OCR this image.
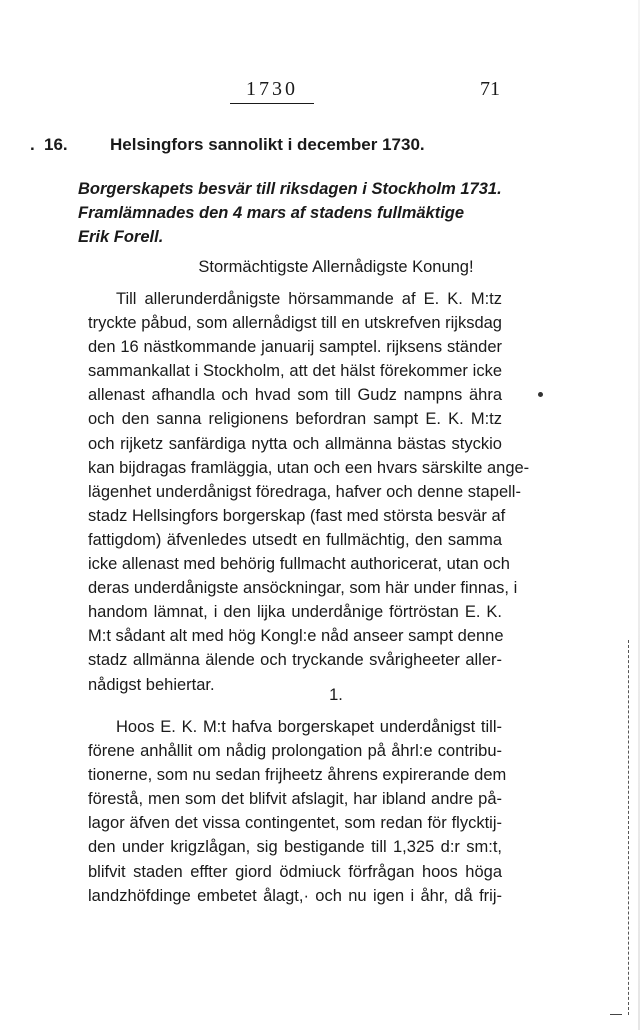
1730	71
. 16. Helsingfors sannolikt i december 1730.
Borgerskapets besvär till riksdagen i Stockholm 1731.
Framlämnades den 4 mars af stadens fullmäktige
Erik Forell.
Stormächtigste Allernådigste Konung!
Till allerunderdånigste hörsammande af E. K. M:tz
tryckte påbud, som allernådigst till en utskrefven rijksdag
den 16 nästkommande januarij samptel. rijksens ständer
sammankallat i Stockholm, att det hälst förekommer icke
allenast afhandla och hvad som till Gudz nampns ähra
och den sanna religionens befordran sampt E. K. M:tz
och rijketz sanfärdiga nytta och allmänna bästas styckio
kan bijdragas framläggia, utan och een hvars särskilte ange-
lägenhet underdånigst föredraga, hafver och denne stapell-
stadz Hellsingfors borgerskap (fast med största besvär af
fattigdom) äfvenledes utsedt en fullmächtig, den samma
icke allenast med behörig fullmacht authoricerat, utan och
deras underdånigste ansöckningar, som här under finnas, i
handom lämnat, i den lijka underdånige förtröstan E. K.
M:t sådant alt med hög Kongl:e nåd anseer sampt denne
stadz allmänna älende och tryckande svårigheeter aller-
nådigst behiertar.
1.
Hoos E. K. M:t hafva borgerskapet underdånigst till-
förene anhållit om nådig prolongation på åhrl:e contribu-
tionerne, som nu sedan frijheetz åhrens expirerande dem
förestå, men som det blifvit afslagit, har ibland andre på-
lagor äfven det vissa contingentet, som redan för flycktij-
den under krigzlågan, sig bestigande till 1,325 d:r sm:t,
blifvit staden effter giord ödmiuck förfrågan hoos höga
landzhöfdinge embetet ålagt,· och nu igen i åhr, då frij-
